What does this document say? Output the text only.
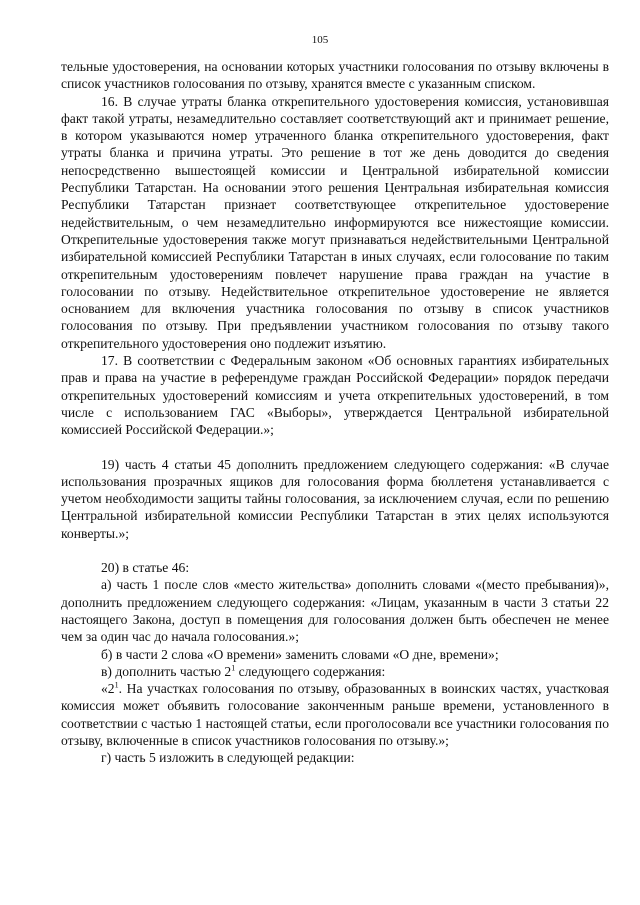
105

тельные удостоверения, на основании которых участники голосования по отзыву включены в список участников голосования по отзыву, хранятся вместе с указанным списком.

16. В случае утраты бланка открепительного удостоверения комиссия, установившая факт такой утраты, незамедлительно составляет соответствующий акт и принимает решение, в котором указываются номер утраченного бланка открепительного удостоверения, факт утраты бланка и причина утраты. Это решение в тот же день доводится до сведения непосредственно вышестоящей комиссии и Центральной избирательной комиссии Республики Татарстан. На основании этого решения Центральная избирательная комиссия Республики Татарстан признает соответствующее открепительное удостоверение недействительным, о чем незамедлительно информируются все нижестоящие комиссии. Открепительные удостоверения также могут признаваться недействительными Центральной избирательной комиссией Республики Татарстан в иных случаях, если голосование по таким открепительным удостоверениям повлечет нарушение права граждан на участие в голосовании по отзыву. Недействительное открепительное удостоверение не является основанием для включения участника голосования по отзыву в список участников голосования по отзыву. При предъявлении участником голосования по отзыву такого открепительного удостоверения оно подлежит изъятию.

17. В соответствии с Федеральным законом «Об основных гарантиях избирательных прав и права на участие в референдуме граждан Российской Федерации» порядок передачи открепительных удостоверений комиссиям и учета открепительных удостоверений, в том числе с использованием ГАС «Выборы», утверждается Центральной избирательной комиссией Российской Федерации.»;

19) часть 4 статьи 45 дополнить предложением следующего содержания: «В случае использования прозрачных ящиков для голосования форма бюллетеня устанавливается с учетом необходимости защиты тайны голосования, за исключением случая, если по решению Центральной избирательной комиссии Республики Татарстан в этих целях используются конверты.»;

20) в статье 46:

а) часть 1 после слов «место жительства» дополнить словами «(место пребывания)», дополнить предложением следующего содержания: «Лицам, указанным в части 3 статьи 22 настоящего Закона, доступ в помещения для голосования должен быть обеспечен не менее чем за один час до начала голосования.»;

б) в части 2 слова «О времени» заменить словами «О дне, времени»;

в) дополнить частью $2^1$ следующего содержания:

«$2^1$. На участках голосования по отзыву, образованных в воинских частях, участковая комиссия может объявить голосование законченным раньше времени, установленного в соответствии с частью 1 настоящей статьи, если проголосовали все участники голосования по отзыву, включенные в список участников голосования по отзыву.»;

г) часть 5 изложить в следующей редакции:
